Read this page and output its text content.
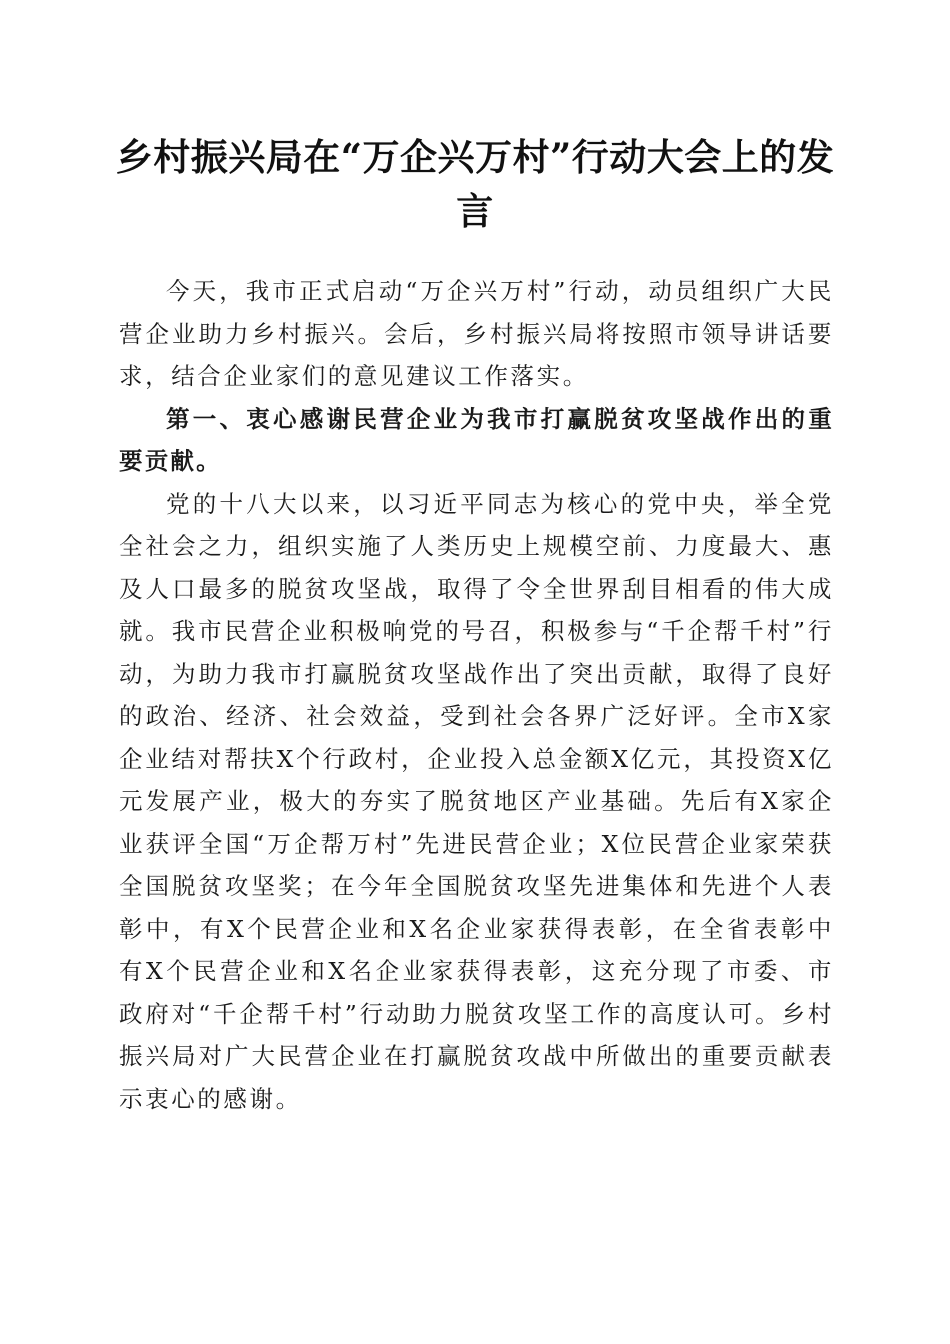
乡村振兴局在“万企兴万村”行动大会上的发言

今天，我市正式启动“万企兴万村”行动，动员组织广大民营企业助力乡村振兴。会后，乡村振兴局将按照市领导讲话要求，结合企业家们的意见建议工作落实。

第一、衷心感谢民营企业为我市打赢脱贫攻坚战作出的重要贡献。

党的十八大以来，以习近平同志为核心的党中央，举全党全社会之力，组织实施了人类历史上规模空前、力度最大、惠及人口最多的脱贫攻坚战，取得了令全世界刮目相看的伟大成就。我市民营企业积极响党的号召，积极参与“千企帮千村”行动，为助力我市打赢脱贫攻坚战作出了突出贡献，取得了良好的政治、经济、社会效益，受到社会各界广泛好评。全市X家企业结对帮扶X个行政村，企业投入总金额X亿元，其投资X亿元发展产业，极大的夯实了脱贫地区产业基础。先后有X家企业获评全国“万企帮万村”先进民营企业；X位民营企业家荣获全国脱贫攻坚奖；在今年全国脱贫攻坚先进集体和先进个人表彰中，有X个民营企业和X名企业家获得表彰，在全省表彰中有X个民营企业和X名企业家获得表彰，这充分现了市委、市政府对“千企帮千村”行动助力脱贫攻坚工作的高度认可。乡村振兴局对广大民营企业在打赢脱贫攻战中所做出的重要贡献表示衷心的感谢。
